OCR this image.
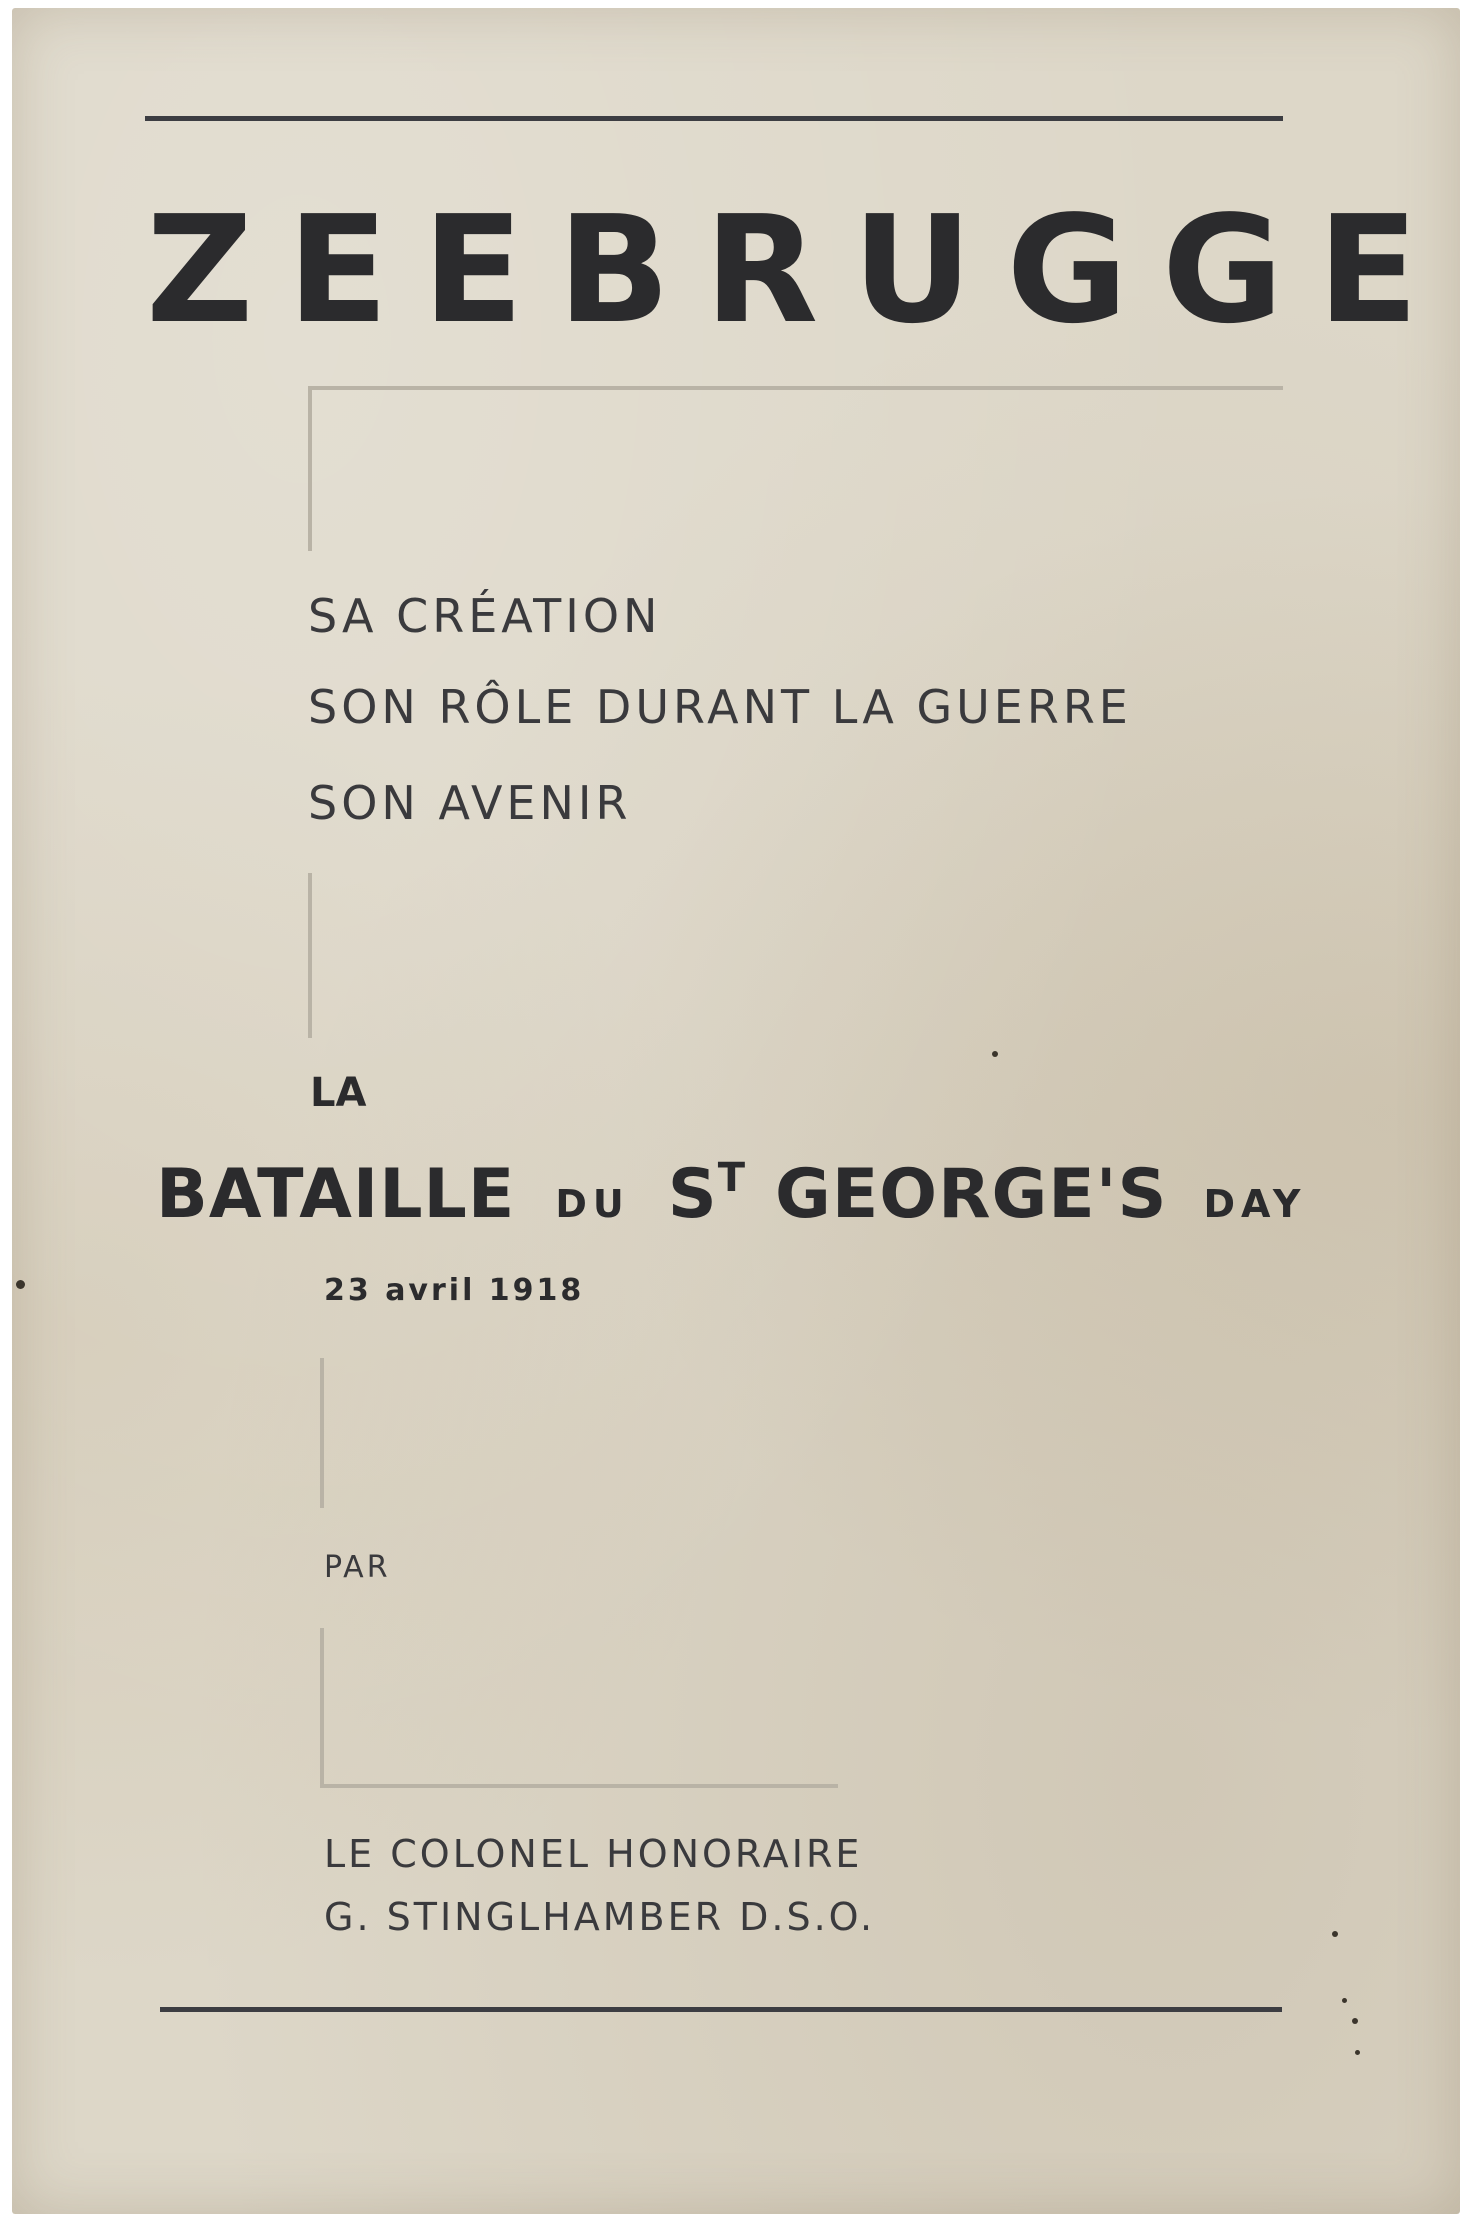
ZEEBRUGGE
SA CRÉATION
SON RÔLE DURANT LA GUERRE
SON AVENIR
LA
BATAILLE DU ST GEORGE'S DAY
23 avril 1918
PAR
LE COLONEL HONORAIRE
G. STINGLHAMBER D.S.O.
